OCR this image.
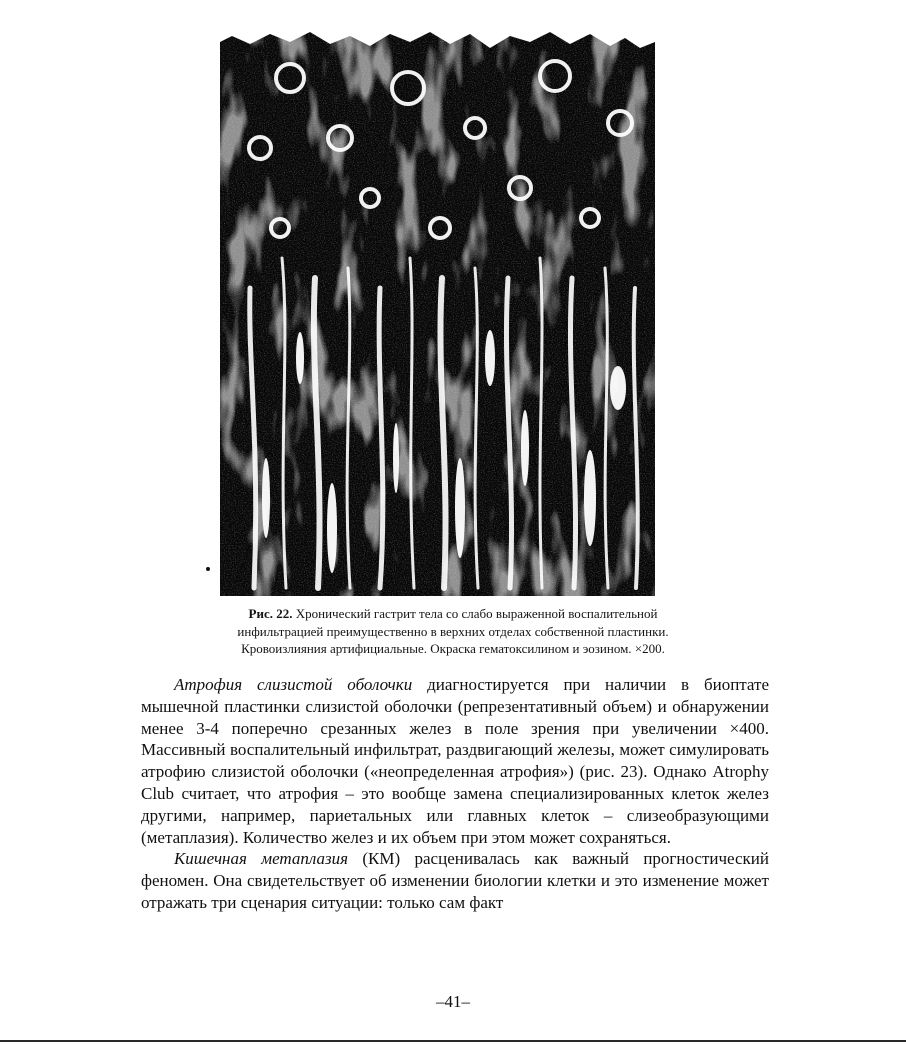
Рис. 22. Хронический гастрит тела со слабо выраженной воспалительной
инфильтрацией преимущественно в верхних отделах собственной пластинки.
Кровоизлияния артифициальные. Окраска гематоксилином и эозином. ×200.

Атрофия слизистой оболочки диагностируется при наличии в биоптате мышечной пластинки слизистой оболочки (репрезентативный объем) и обнаружении менее 3-4 поперечно срезанных желез в поле зрения при увеличении ×400. Массивный воспалительный инфильтрат, раздвигающий железы, может симулировать атрофию слизистой оболочки («неопределенная атрофия») (рис. 23). Однако Atrophy Club считает, что атрофия – это вообще замена специализированных клеток желез другими, например, париетальных или главных клеток – слизеобразующими (метаплазия). Количество желез и их объем при этом может сохраняться.

Кишечная метаплазия (КМ) расценивалась как важный прогностический феномен. Она свидетельствует об изменении биологии клетки и это изменение может отражать три сценария ситуации: только сам факт

–41–
